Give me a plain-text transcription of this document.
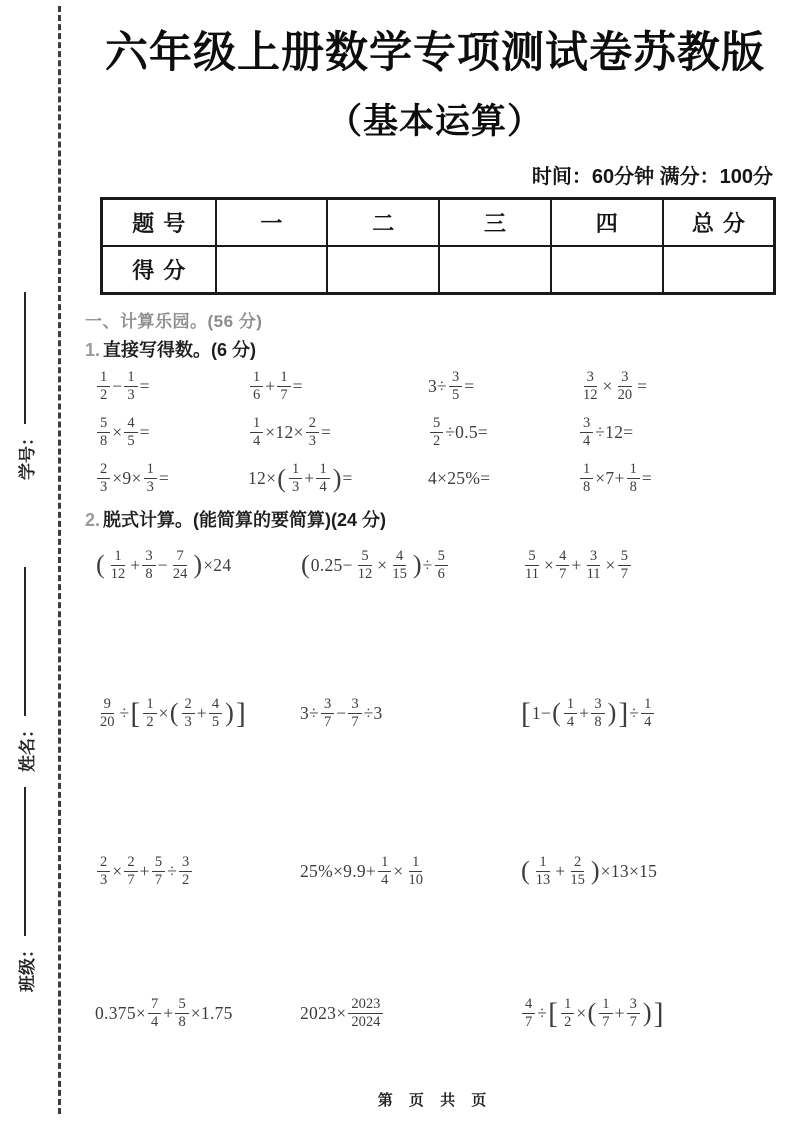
学号：
姓名：
班级：
六年级上册数学专项测试卷苏教版
（基本运算）
时间：60分钟 满分：100分
题号	一	二	三	四	总分
得分					
一、计算乐园。(56 分)
1. 直接写得数。(6 分)
$\frac{1}{2} - \frac{1}{3}$ =	$\frac{1}{6} + \frac{1}{7}$ =	$3\div \frac{3}{5}$ =	$\frac{3}{12} \times \frac{3}{20}$ =
$\frac{5}{8} \times \frac{4}{5}$ =	$\frac{1}{4} \times 12\times \frac{2}{3}$ =	$\frac{5}{2} \div 0.5=$	$\frac{3}{4} \div 12=$
$\frac{2}{3} \times 9\times \frac{1}{3}$ =	12× ( $\frac{1}{3} + \frac{1}{4}$ ) =	4×25%=	$\frac{1}{8} \times 7+ \frac{1}{8}$ =
2. 脱式计算。(能简算的要简算)(24 分)
( $\frac{1}{12} + \frac{3}{8} - \frac{7}{24}$ ) ×24	( $0.25- \frac{5}{12} \times \frac{4}{15}$ ) ÷ $\frac{5}{6}$	$\frac{5}{11} \times \frac{4}{7} + \frac{3}{11} \times \frac{5}{7}$
$\frac{9}{20}$ ÷ [ $\frac{1}{2}$ × ( $\frac{2}{3} + \frac{4}{5}$ ) ]	$3\div \frac{3}{7} - \frac{3}{7} \div 3$	[ 1− ( $\frac{1}{4} + \frac{3}{8}$ ) ] ÷ $\frac{1}{4}$
$\frac{2}{3} \times \frac{2}{7} + \frac{5}{7} \div \frac{3}{2}$	$25\%\times 9.9+ \frac{1}{4} \times \frac{1}{10}$	( $\frac{1}{13} + \frac{2}{15}$ ) ×13×15
$0.375\times \frac{7}{4} + \frac{5}{8} \times 1.75$	$2023\times \frac{2023}{2024}$	$\frac{4}{7}$ ÷ [ $\frac{1}{2}$ × ( $\frac{1}{7} + \frac{3}{7}$ ) ]
第 页 共 页
